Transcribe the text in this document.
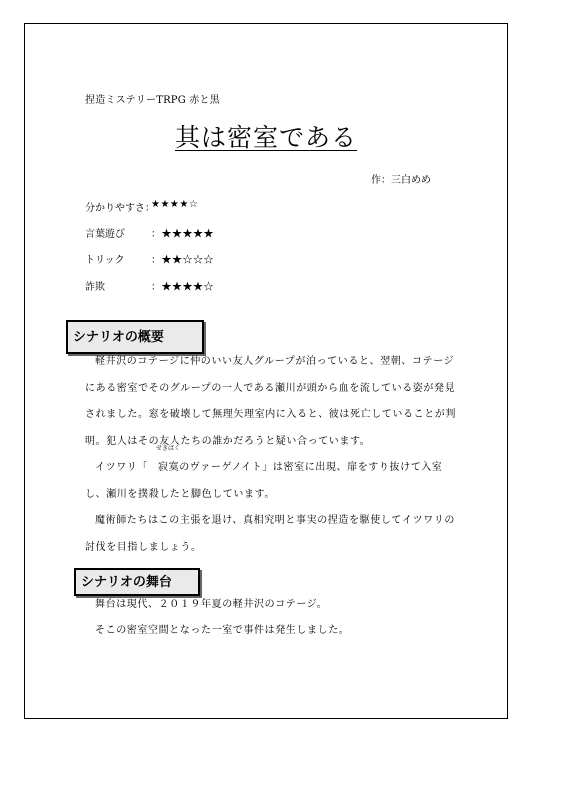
捏造ミステリーTRPG 赤と黒
其は密室である
作：三白めめ
分かりやすさ：
★★★★☆
言葉遊び	：★★★★★
トリック	：★★☆☆☆
詐欺	：★★★★☆
シナリオの概要
軽井沢のコテージに仲のいい友人グループが泊っていると、翌朝、コテージにある密室でそのグループの一人である瀬川が頭から血を流している姿が発見されました。窓を破壊して無理矢理室内に入ると、彼は死亡していることが判明。犯人はその友人たちの誰かだろうと疑い合っています。
イツワリ「
せきばく
寂寞のヴァーゲノイト」は密室に出現、扉をすり抜けて入室し、瀬川を撲殺したと脚色しています。
魔術師たちはこの主張を退け、真相究明と事実の捏造を駆使してイツワリの討伐を目指しましょう。
シナリオの舞台
舞台は現代、２０１９年夏の軽井沢のコテージ。
そこの密室空間となった一室で事件は発生しました。
